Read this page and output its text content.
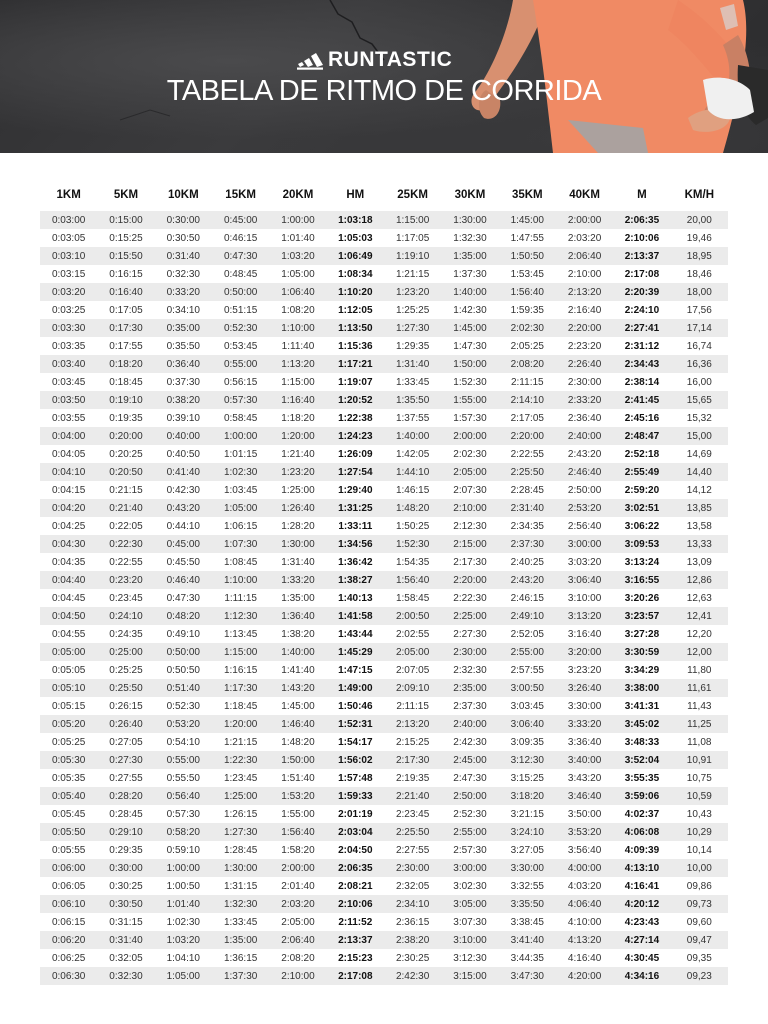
RUNTASTIC
TABELA DE RITMO DE CORRIDA
1KM	5KM	10KM	15KM	20KM	HM	25KM	30KM	35KM	40KM	M	KM/H
0:03:00	0:15:00	0:30:00	0:45:00	1:00:00	1:03:18	1:15:00	1:30:00	1:45:00	2:00:00	2:06:35	20,00
0:03:05	0:15:25	0:30:50	0:46:15	1:01:40	1:05:03	1:17:05	1:32:30	1:47:55	2:03:20	2:10:06	19,46
0:03:10	0:15:50	0:31:40	0:47:30	1:03:20	1:06:49	1:19:10	1:35:00	1:50:50	2:06:40	2:13:37	18,95
0:03:15	0:16:15	0:32:30	0:48:45	1:05:00	1:08:34	1:21:15	1:37:30	1:53:45	2:10:00	2:17:08	18,46
0:03:20	0:16:40	0:33:20	0:50:00	1:06:40	1:10:20	1:23:20	1:40:00	1:56:40	2:13:20	2:20:39	18,00
0:03:25	0:17:05	0:34:10	0:51:15	1:08:20	1:12:05	1:25:25	1:42:30	1:59:35	2:16:40	2:24:10	17,56
0:03:30	0:17:30	0:35:00	0:52:30	1:10:00	1:13:50	1:27:30	1:45:00	2:02:30	2:20:00	2:27:41	17,14
0:03:35	0:17:55	0:35:50	0:53:45	1:11:40	1:15:36	1:29:35	1:47:30	2:05:25	2:23:20	2:31:12	16,74
0:03:40	0:18:20	0:36:40	0:55:00	1:13:20	1:17:21	1:31:40	1:50:00	2:08:20	2:26:40	2:34:43	16,36
0:03:45	0:18:45	0:37:30	0:56:15	1:15:00	1:19:07	1:33:45	1:52:30	2:11:15	2:30:00	2:38:14	16,00
0:03:50	0:19:10	0:38:20	0:57:30	1:16:40	1:20:52	1:35:50	1:55:00	2:14:10	2:33:20	2:41:45	15,65
0:03:55	0:19:35	0:39:10	0:58:45	1:18:20	1:22:38	1:37:55	1:57:30	2:17:05	2:36:40	2:45:16	15,32
0:04:00	0:20:00	0:40:00	1:00:00	1:20:00	1:24:23	1:40:00	2:00:00	2:20:00	2:40:00	2:48:47	15,00
0:04:05	0:20:25	0:40:50	1:01:15	1:21:40	1:26:09	1:42:05	2:02:30	2:22:55	2:43:20	2:52:18	14,69
0:04:10	0:20:50	0:41:40	1:02:30	1:23:20	1:27:54	1:44:10	2:05:00	2:25:50	2:46:40	2:55:49	14,40
0:04:15	0:21:15	0:42:30	1:03:45	1:25:00	1:29:40	1:46:15	2:07:30	2:28:45	2:50:00	2:59:20	14,12
0:04:20	0:21:40	0:43:20	1:05:00	1:26:40	1:31:25	1:48:20	2:10:00	2:31:40	2:53:20	3:02:51	13,85
0:04:25	0:22:05	0:44:10	1:06:15	1:28:20	1:33:11	1:50:25	2:12:30	2:34:35	2:56:40	3:06:22	13,58
0:04:30	0:22:30	0:45:00	1:07:30	1:30:00	1:34:56	1:52:30	2:15:00	2:37:30	3:00:00	3:09:53	13,33
0:04:35	0:22:55	0:45:50	1:08:45	1:31:40	1:36:42	1:54:35	2:17:30	2:40:25	3:03:20	3:13:24	13,09
0:04:40	0:23:20	0:46:40	1:10:00	1:33:20	1:38:27	1:56:40	2:20:00	2:43:20	3:06:40	3:16:55	12,86
0:04:45	0:23:45	0:47:30	1:11:15	1:35:00	1:40:13	1:58:45	2:22:30	2:46:15	3:10:00	3:20:26	12,63
0:04:50	0:24:10	0:48:20	1:12:30	1:36:40	1:41:58	2:00:50	2:25:00	2:49:10	3:13:20	3:23:57	12,41
0:04:55	0:24:35	0:49:10	1:13:45	1:38:20	1:43:44	2:02:55	2:27:30	2:52:05	3:16:40	3:27:28	12,20
0:05:00	0:25:00	0:50:00	1:15:00	1:40:00	1:45:29	2:05:00	2:30:00	2:55:00	3:20:00	3:30:59	12,00
0:05:05	0:25:25	0:50:50	1:16:15	1:41:40	1:47:15	2:07:05	2:32:30	2:57:55	3:23:20	3:34:29	11,80
0:05:10	0:25:50	0:51:40	1:17:30	1:43:20	1:49:00	2:09:10	2:35:00	3:00:50	3:26:40	3:38:00	11,61
0:05:15	0:26:15	0:52:30	1:18:45	1:45:00	1:50:46	2:11:15	2:37:30	3:03:45	3:30:00	3:41:31	11,43
0:05:20	0:26:40	0:53:20	1:20:00	1:46:40	1:52:31	2:13:20	2:40:00	3:06:40	3:33:20	3:45:02	11,25
0:05:25	0:27:05	0:54:10	1:21:15	1:48:20	1:54:17	2:15:25	2:42:30	3:09:35	3:36:40	3:48:33	11,08
0:05:30	0:27:30	0:55:00	1:22:30	1:50:00	1:56:02	2:17:30	2:45:00	3:12:30	3:40:00	3:52:04	10,91
0:05:35	0:27:55	0:55:50	1:23:45	1:51:40	1:57:48	2:19:35	2:47:30	3:15:25	3:43:20	3:55:35	10,75
0:05:40	0:28:20	0:56:40	1:25:00	1:53:20	1:59:33	2:21:40	2:50:00	3:18:20	3:46:40	3:59:06	10,59
0:05:45	0:28:45	0:57:30	1:26:15	1:55:00	2:01:19	2:23:45	2:52:30	3:21:15	3:50:00	4:02:37	10,43
0:05:50	0:29:10	0:58:20	1:27:30	1:56:40	2:03:04	2:25:50	2:55:00	3:24:10	3:53:20	4:06:08	10,29
0:05:55	0:29:35	0:59:10	1:28:45	1:58:20	2:04:50	2:27:55	2:57:30	3:27:05	3:56:40	4:09:39	10,14
0:06:00	0:30:00	1:00:00	1:30:00	2:00:00	2:06:35	2:30:00	3:00:00	3:30:00	4:00:00	4:13:10	10,00
0:06:05	0:30:25	1:00:50	1:31:15	2:01:40	2:08:21	2:32:05	3:02:30	3:32:55	4:03:20	4:16:41	09,86
0:06:10	0:30:50	1:01:40	1:32:30	2:03:20	2:10:06	2:34:10	3:05:00	3:35:50	4:06:40	4:20:12	09,73
0:06:15	0:31:15	1:02:30	1:33:45	2:05:00	2:11:52	2:36:15	3:07:30	3:38:45	4:10:00	4:23:43	09,60
0:06:20	0:31:40	1:03:20	1:35:00	2:06:40	2:13:37	2:38:20	3:10:00	3:41:40	4:13:20	4:27:14	09,47
0:06:25	0:32:05	1:04:10	1:36:15	2:08:20	2:15:23	2:30:25	3:12:30	3:44:35	4:16:40	4:30:45	09,35
0:06:30	0:32:30	1:05:00	1:37:30	2:10:00	2:17:08	2:42:30	3:15:00	3:47:30	4:20:00	4:34:16	09,23
